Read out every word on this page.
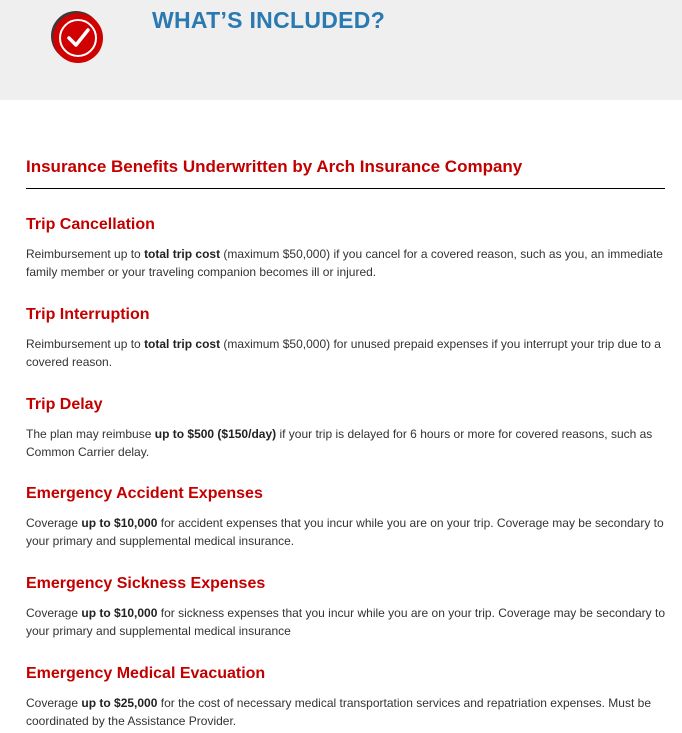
WHAT’S INCLUDED?
Insurance Benefits Underwritten by Arch Insurance Company
Trip Cancellation

Reimbursement up to total trip cost (maximum $50,000) if you cancel for a covered reason, such as you, an immediate family member or your traveling companion becomes ill or injured.

Trip Interruption

Reimbursement up to total trip cost (maximum $50,000) for unused prepaid expenses if you interrupt your trip due to a covered reason.

Trip Delay

The plan may reimbuse up to $500 ($150/day) if your trip is delayed for 6 hours or more for covered reasons, such as Common Carrier delay.

Emergency Accident Expenses

Coverage up to $10,000 for accident expenses that you incur while you are on your trip. Coverage may be secondary to your primary and supplemental medical insurance.

Emergency Sickness Expenses

Coverage up to $10,000 for sickness expenses that you incur while you are on your trip. Coverage may be secondary to your primary and supplemental medical insurance

Emergency Medical Evacuation

Coverage up to $25,000 for the cost of necessary medical transportation services and repatriation expenses. Must be coordinated by the Assistance Provider.
